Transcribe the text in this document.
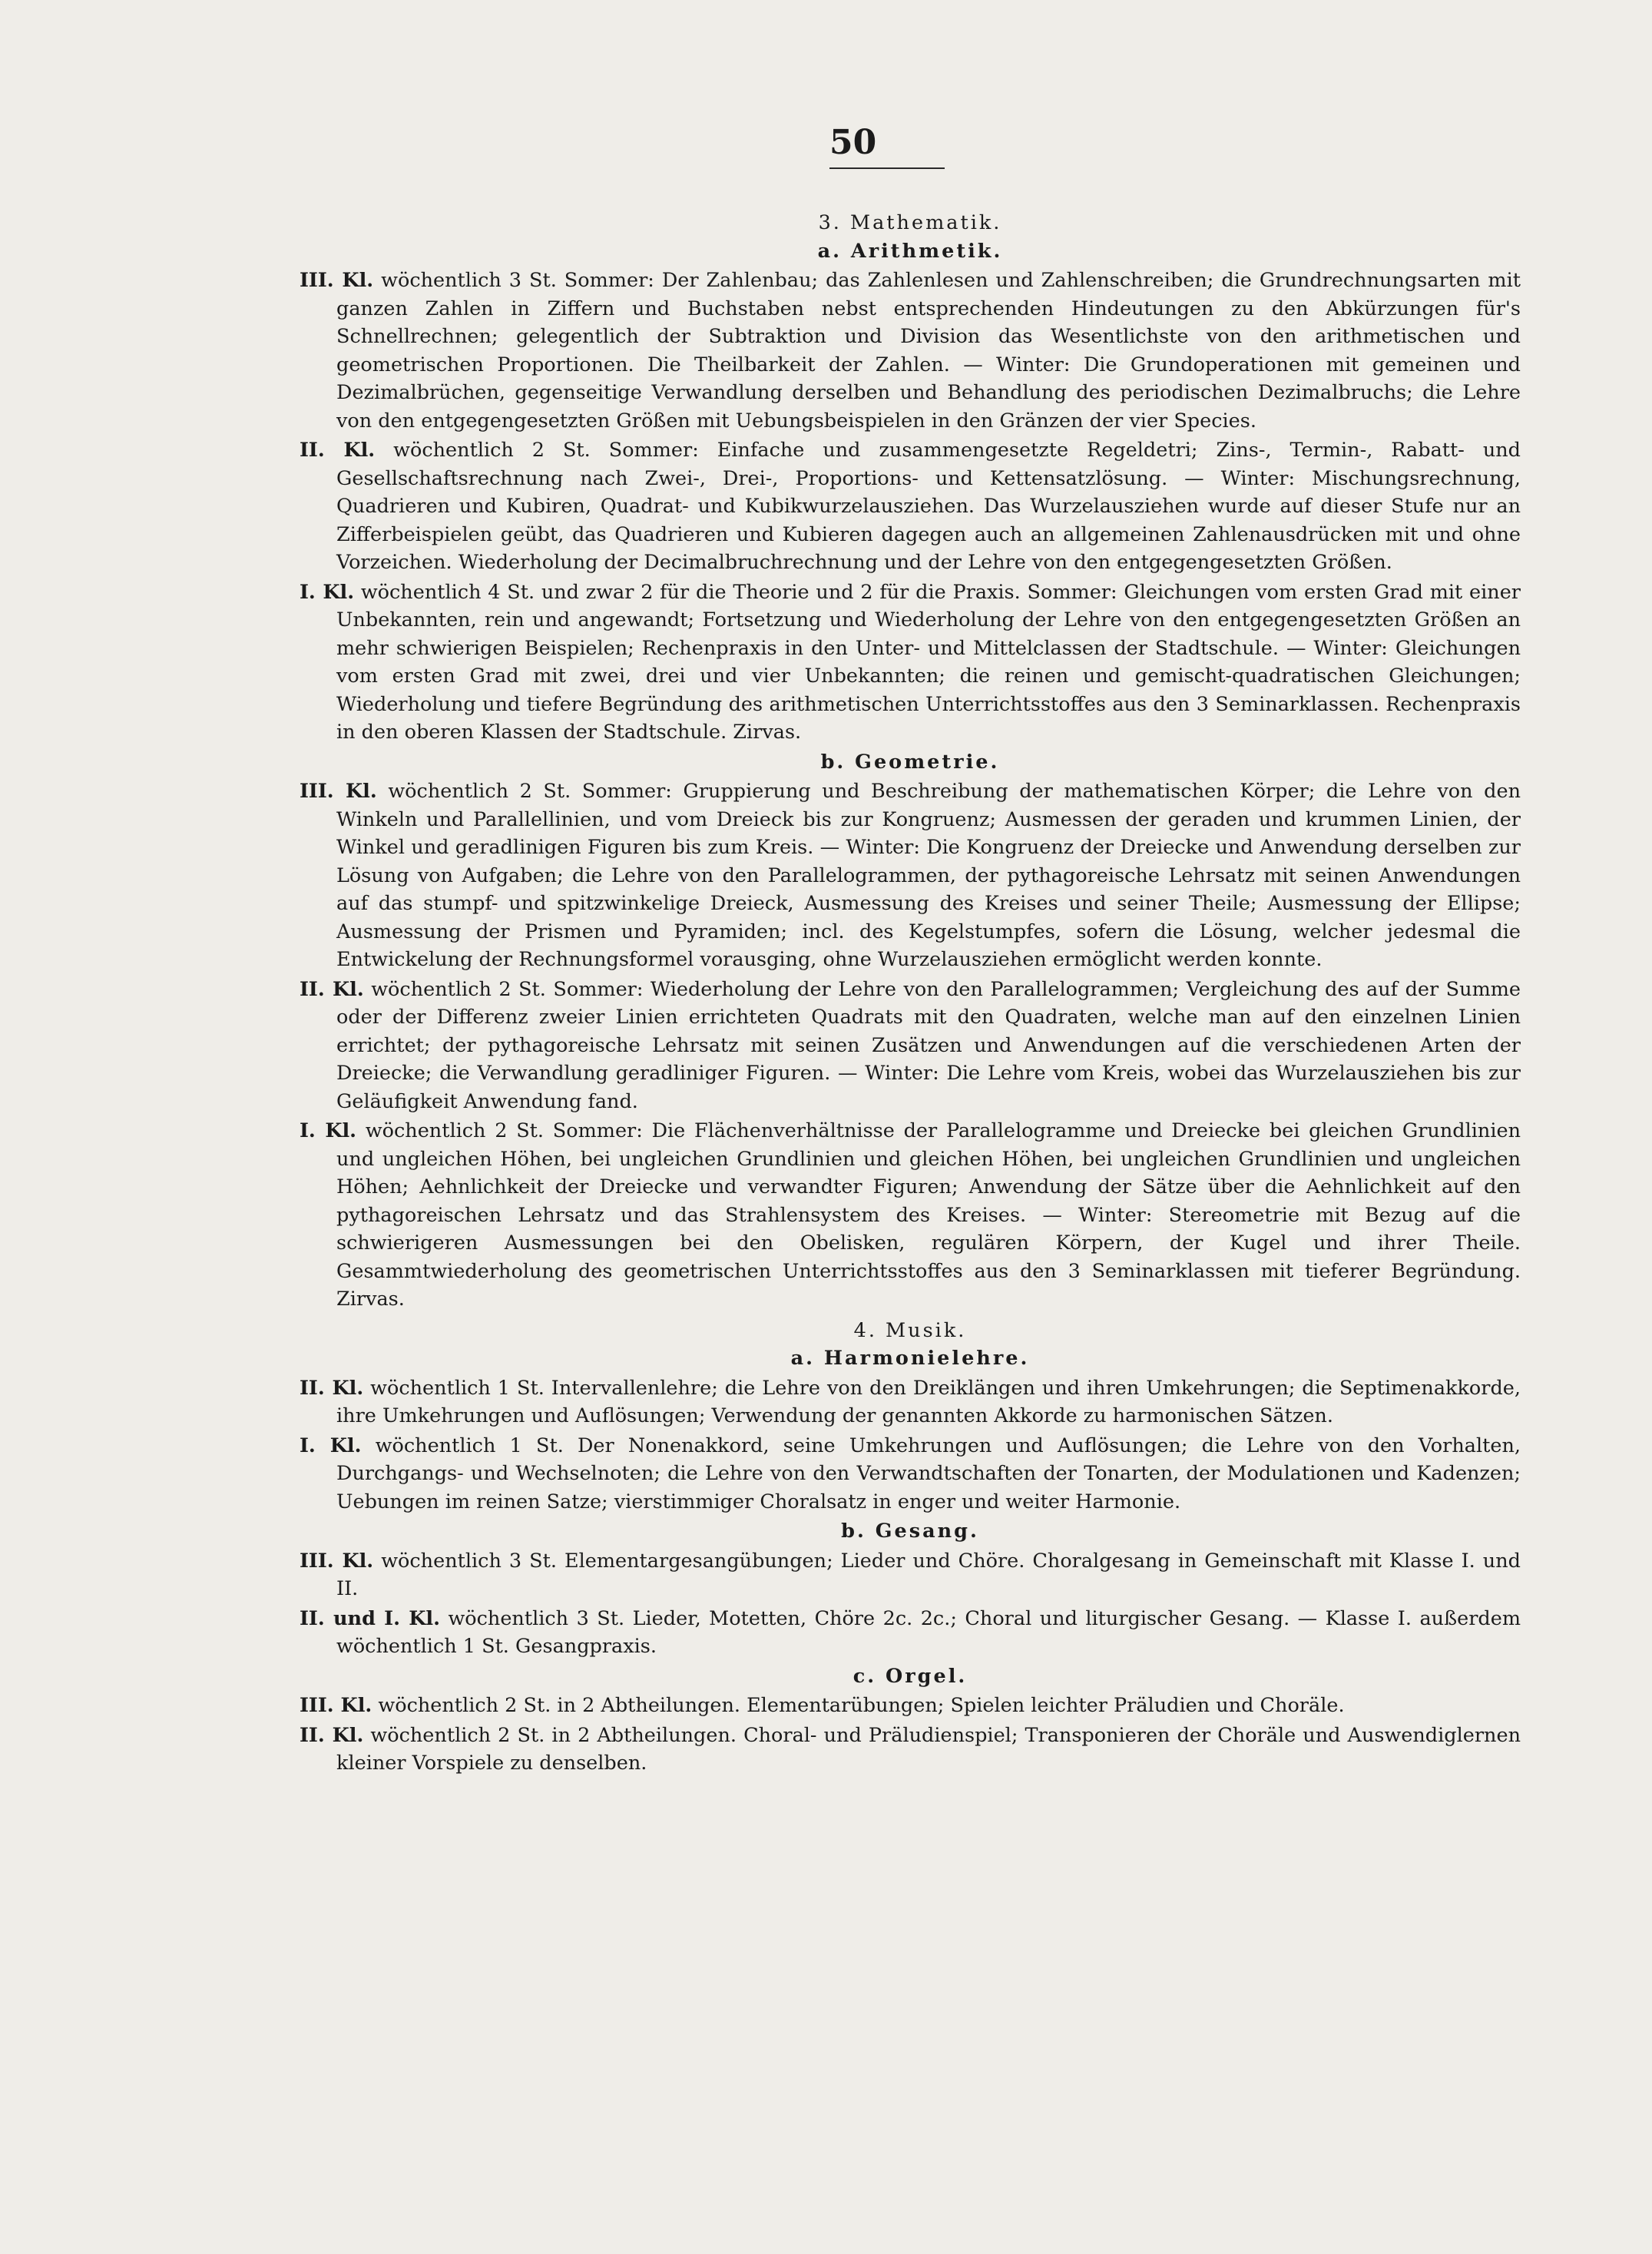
50
3. Mathematik.
a. Arithmetik.

III. Kl. wöchentlich 3 St. Sommer: Der Zahlenbau; das Zahlenlesen und Zahlenschreiben; die Grundrechnungsarten mit ganzen Zahlen in Ziffern und Buchstaben nebst entsprechenden Hindeutungen zu den Abkürzungen für's Schnellrechnen; gelegentlich der Subtraktion und Division das Wesentlichste von den arithmetischen und geometrischen Proportionen. Die Theilbarkeit der Zahlen. — Winter: Die Grundoperationen mit gemeinen und Dezimalbrüchen, gegenseitige Verwandlung derselben und Behandlung des periodischen Dezimalbruchs; die Lehre von den entgegengesetzten Größen mit Uebungsbeispielen in den Gränzen der vier Species.

II. Kl. wöchentlich 2 St. Sommer: Einfache und zusammengesetzte Regeldetri; Zins-, Termin-, Rabatt- und Gesellschaftsrechnung nach Zwei-, Drei-, Proportions- und Kettensatzlösung. — Winter: Mischungsrechnung, Quadrieren und Kubiren, Quadrat- und Kubikwurzelausziehen. Das Wurzelausziehen wurde auf dieser Stufe nur an Zifferbeispielen geübt, das Quadrieren und Kubieren dagegen auch an allgemeinen Zahlenausdrücken mit und ohne Vorzeichen. Wiederholung der Decimalbruchrechnung und der Lehre von den entgegengesetzten Größen.

I. Kl. wöchentlich 4 St. und zwar 2 für die Theorie und 2 für die Praxis. Sommer: Gleichungen vom ersten Grad mit einer Unbekannten, rein und angewandt; Fortsetzung und Wiederholung der Lehre von den entgegengesetzten Größen an mehr schwierigen Beispielen; Rechenpraxis in den Unter- und Mittelclassen der Stadtschule. — Winter: Gleichungen vom ersten Grad mit zwei, drei und vier Unbekannten; die reinen und gemischt-quadratischen Gleichungen; Wiederholung und tiefere Begründung des arithmetischen Unterrichtsstoffes aus den 3 Seminarklassen. Rechenpraxis in den oberen Klassen der Stadtschule. Zirvas.

b. Geometrie.

III. Kl. wöchentlich 2 St. Sommer: Gruppierung und Beschreibung der mathematischen Körper; die Lehre von den Winkeln und Parallellinien, und vom Dreieck bis zur Kongruenz; Ausmessen der geraden und krummen Linien, der Winkel und geradlinigen Figuren bis zum Kreis. — Winter: Die Kongruenz der Dreiecke und Anwendung derselben zur Lösung von Aufgaben; die Lehre von den Parallelogrammen, der pythagoreische Lehrsatz mit seinen Anwendungen auf das stumpf- und spitzwinkelige Dreieck, Ausmessung des Kreises und seiner Theile; Ausmessung der Ellipse; Ausmessung der Prismen und Pyramiden; incl. des Kegelstumpfes, sofern die Lösung, welcher jedesmal die Entwickelung der Rechnungsformel vorausging, ohne Wurzelausziehen ermöglicht werden konnte.

II. Kl. wöchentlich 2 St. Sommer: Wiederholung der Lehre von den Parallelogrammen; Vergleichung des auf der Summe oder der Differenz zweier Linien errichteten Quadrats mit den Quadraten, welche man auf den einzelnen Linien errichtet; der pythagoreische Lehrsatz mit seinen Zusätzen und Anwendungen auf die verschiedenen Arten der Dreiecke; die Verwandlung geradliniger Figuren. — Winter: Die Lehre vom Kreis, wobei das Wurzelausziehen bis zur Geläufigkeit Anwendung fand.

I. Kl. wöchentlich 2 St. Sommer: Die Flächenverhältnisse der Parallelogramme und Dreiecke bei gleichen Grundlinien und ungleichen Höhen, bei ungleichen Grundlinien und gleichen Höhen, bei ungleichen Grundlinien und ungleichen Höhen; Aehnlichkeit der Dreiecke und verwandter Figuren; Anwendung der Sätze über die Aehnlichkeit auf den pythagoreischen Lehrsatz und das Strahlensystem des Kreises. — Winter: Stereometrie mit Bezug auf die schwierigeren Ausmessungen bei den Obelisken, regulären Körpern, der Kugel und ihrer Theile. Gesammtwiederholung des geometrischen Unterrichtsstoffes aus den 3 Seminarklassen mit tieferer Begründung. Zirvas.

4. Musik.
a. Harmonielehre.

II. Kl. wöchentlich 1 St. Intervallenlehre; die Lehre von den Dreiklängen und ihren Umkehrungen; die Septimenakkorde, ihre Umkehrungen und Auflösungen; Verwendung der genannten Akkorde zu harmonischen Sätzen.

I. Kl. wöchentlich 1 St. Der Nonenakkord, seine Umkehrungen und Auflösungen; die Lehre von den Vorhalten, Durchgangs- und Wechselnoten; die Lehre von den Verwandtschaften der Tonarten, der Modulationen und Kadenzen; Uebungen im reinen Satze; vierstimmiger Choralsatz in enger und weiter Harmonie.

b. Gesang.

III. Kl. wöchentlich 3 St. Elementargesangübungen; Lieder und Chöre. Choralgesang in Gemeinschaft mit Klasse I. und II.

II. und I. Kl. wöchentlich 3 St. Lieder, Motetten, Chöre 2c. 2c.; Choral und liturgischer Gesang. — Klasse I. außerdem wöchentlich 1 St. Gesangpraxis.

c. Orgel.

III. Kl. wöchentlich 2 St. in 2 Abtheilungen. Elementarübungen; Spielen leichter Präludien und Choräle.

II. Kl. wöchentlich 2 St. in 2 Abtheilungen. Choral- und Präludienspiel; Transponieren der Choräle und Auswendiglernen kleiner Vorspiele zu denselben.
